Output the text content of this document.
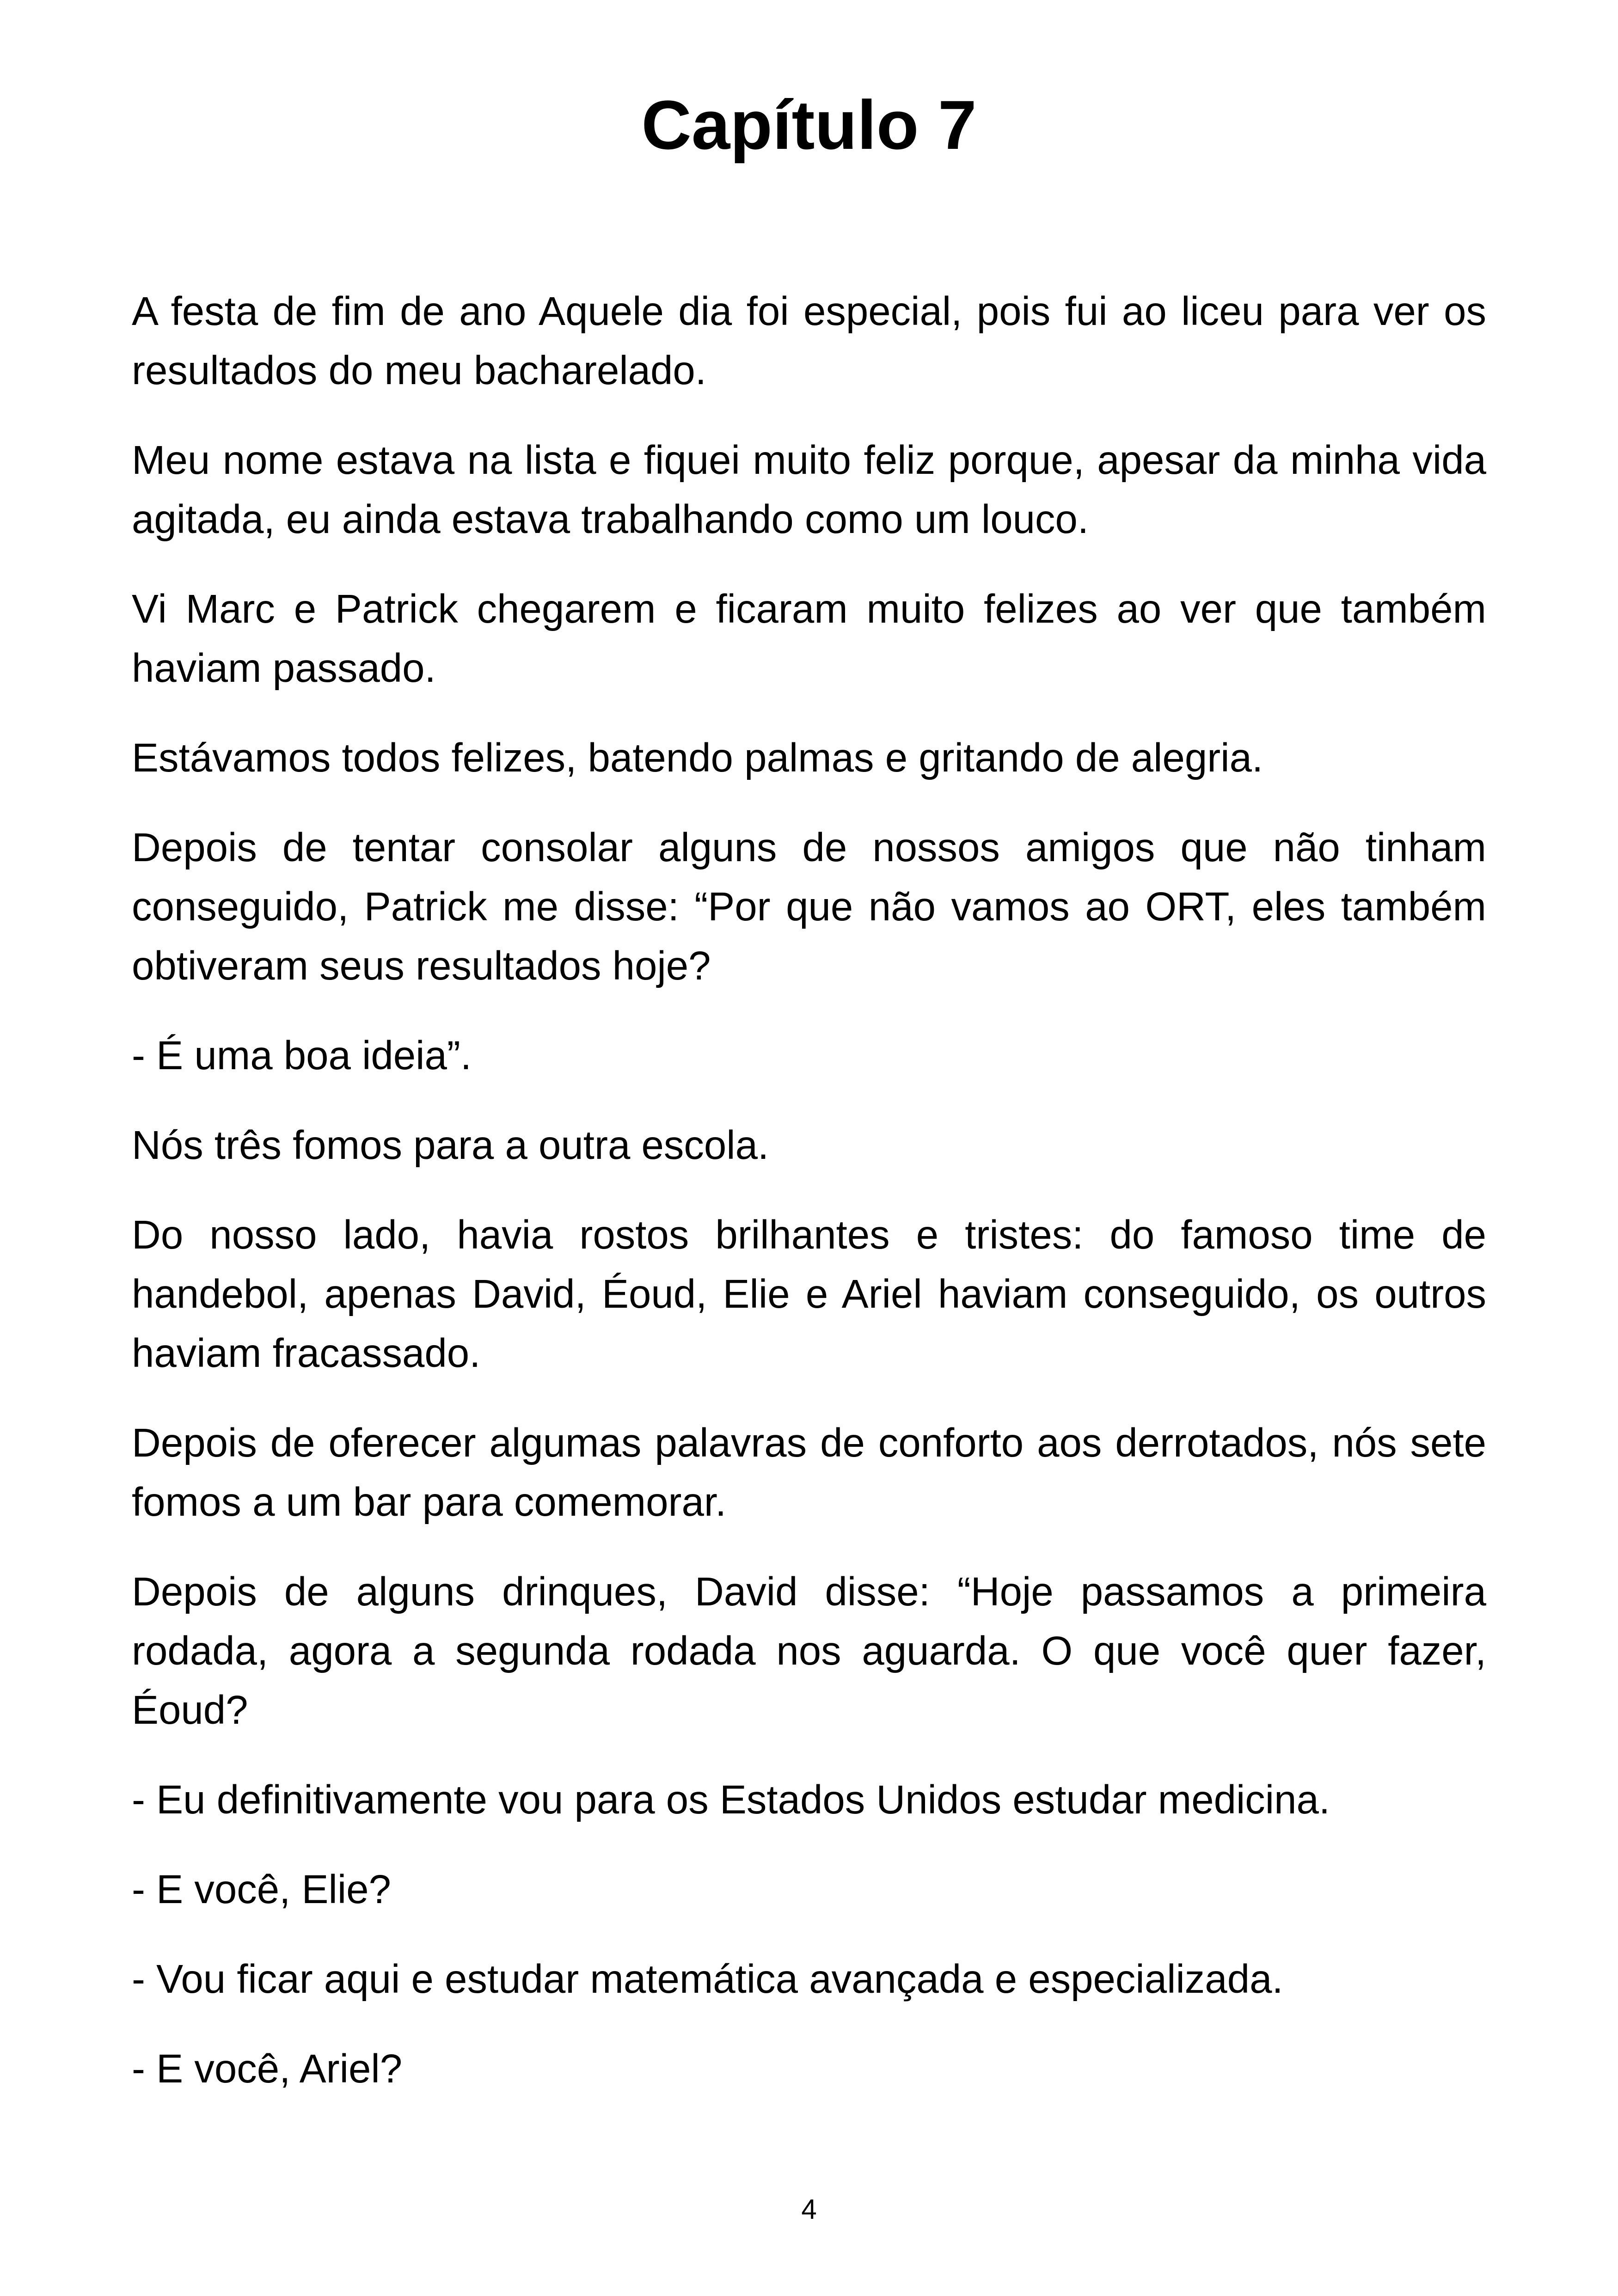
Capítulo 7

A festa de fim de ano Aquele dia foi especial, pois fui ao liceu para ver os resultados do meu bacharelado.

Meu nome estava na lista e fiquei muito feliz porque, apesar da minha vida agitada, eu ainda estava trabalhando como um louco.

Vi Marc e Patrick chegarem e ficaram muito felizes ao ver que também haviam passado.

Estávamos todos felizes, batendo palmas e gritando de alegria.

Depois de tentar consolar alguns de nossos amigos que não tinham conseguido, Patrick me disse: “Por que não vamos ao ORT, eles também obtiveram seus resultados hoje?

- É uma boa ideia”.

Nós três fomos para a outra escola.

Do nosso lado, havia rostos brilhantes e tristes: do famoso time de handebol, apenas David, Éoud, Elie e Ariel haviam conseguido, os outros haviam fracassado.

Depois de oferecer algumas palavras de conforto aos derrotados, nós sete fomos a um bar para comemorar.

Depois de alguns drinques, David disse: “Hoje passamos a primeira rodada, agora a segunda rodada nos aguarda. O que você quer fazer, Éoud?

- Eu definitivamente vou para os Estados Unidos estudar medicina.

- E você, Elie?

- Vou ficar aqui e estudar matemática avançada e especializada.

- E você, Ariel?

4
